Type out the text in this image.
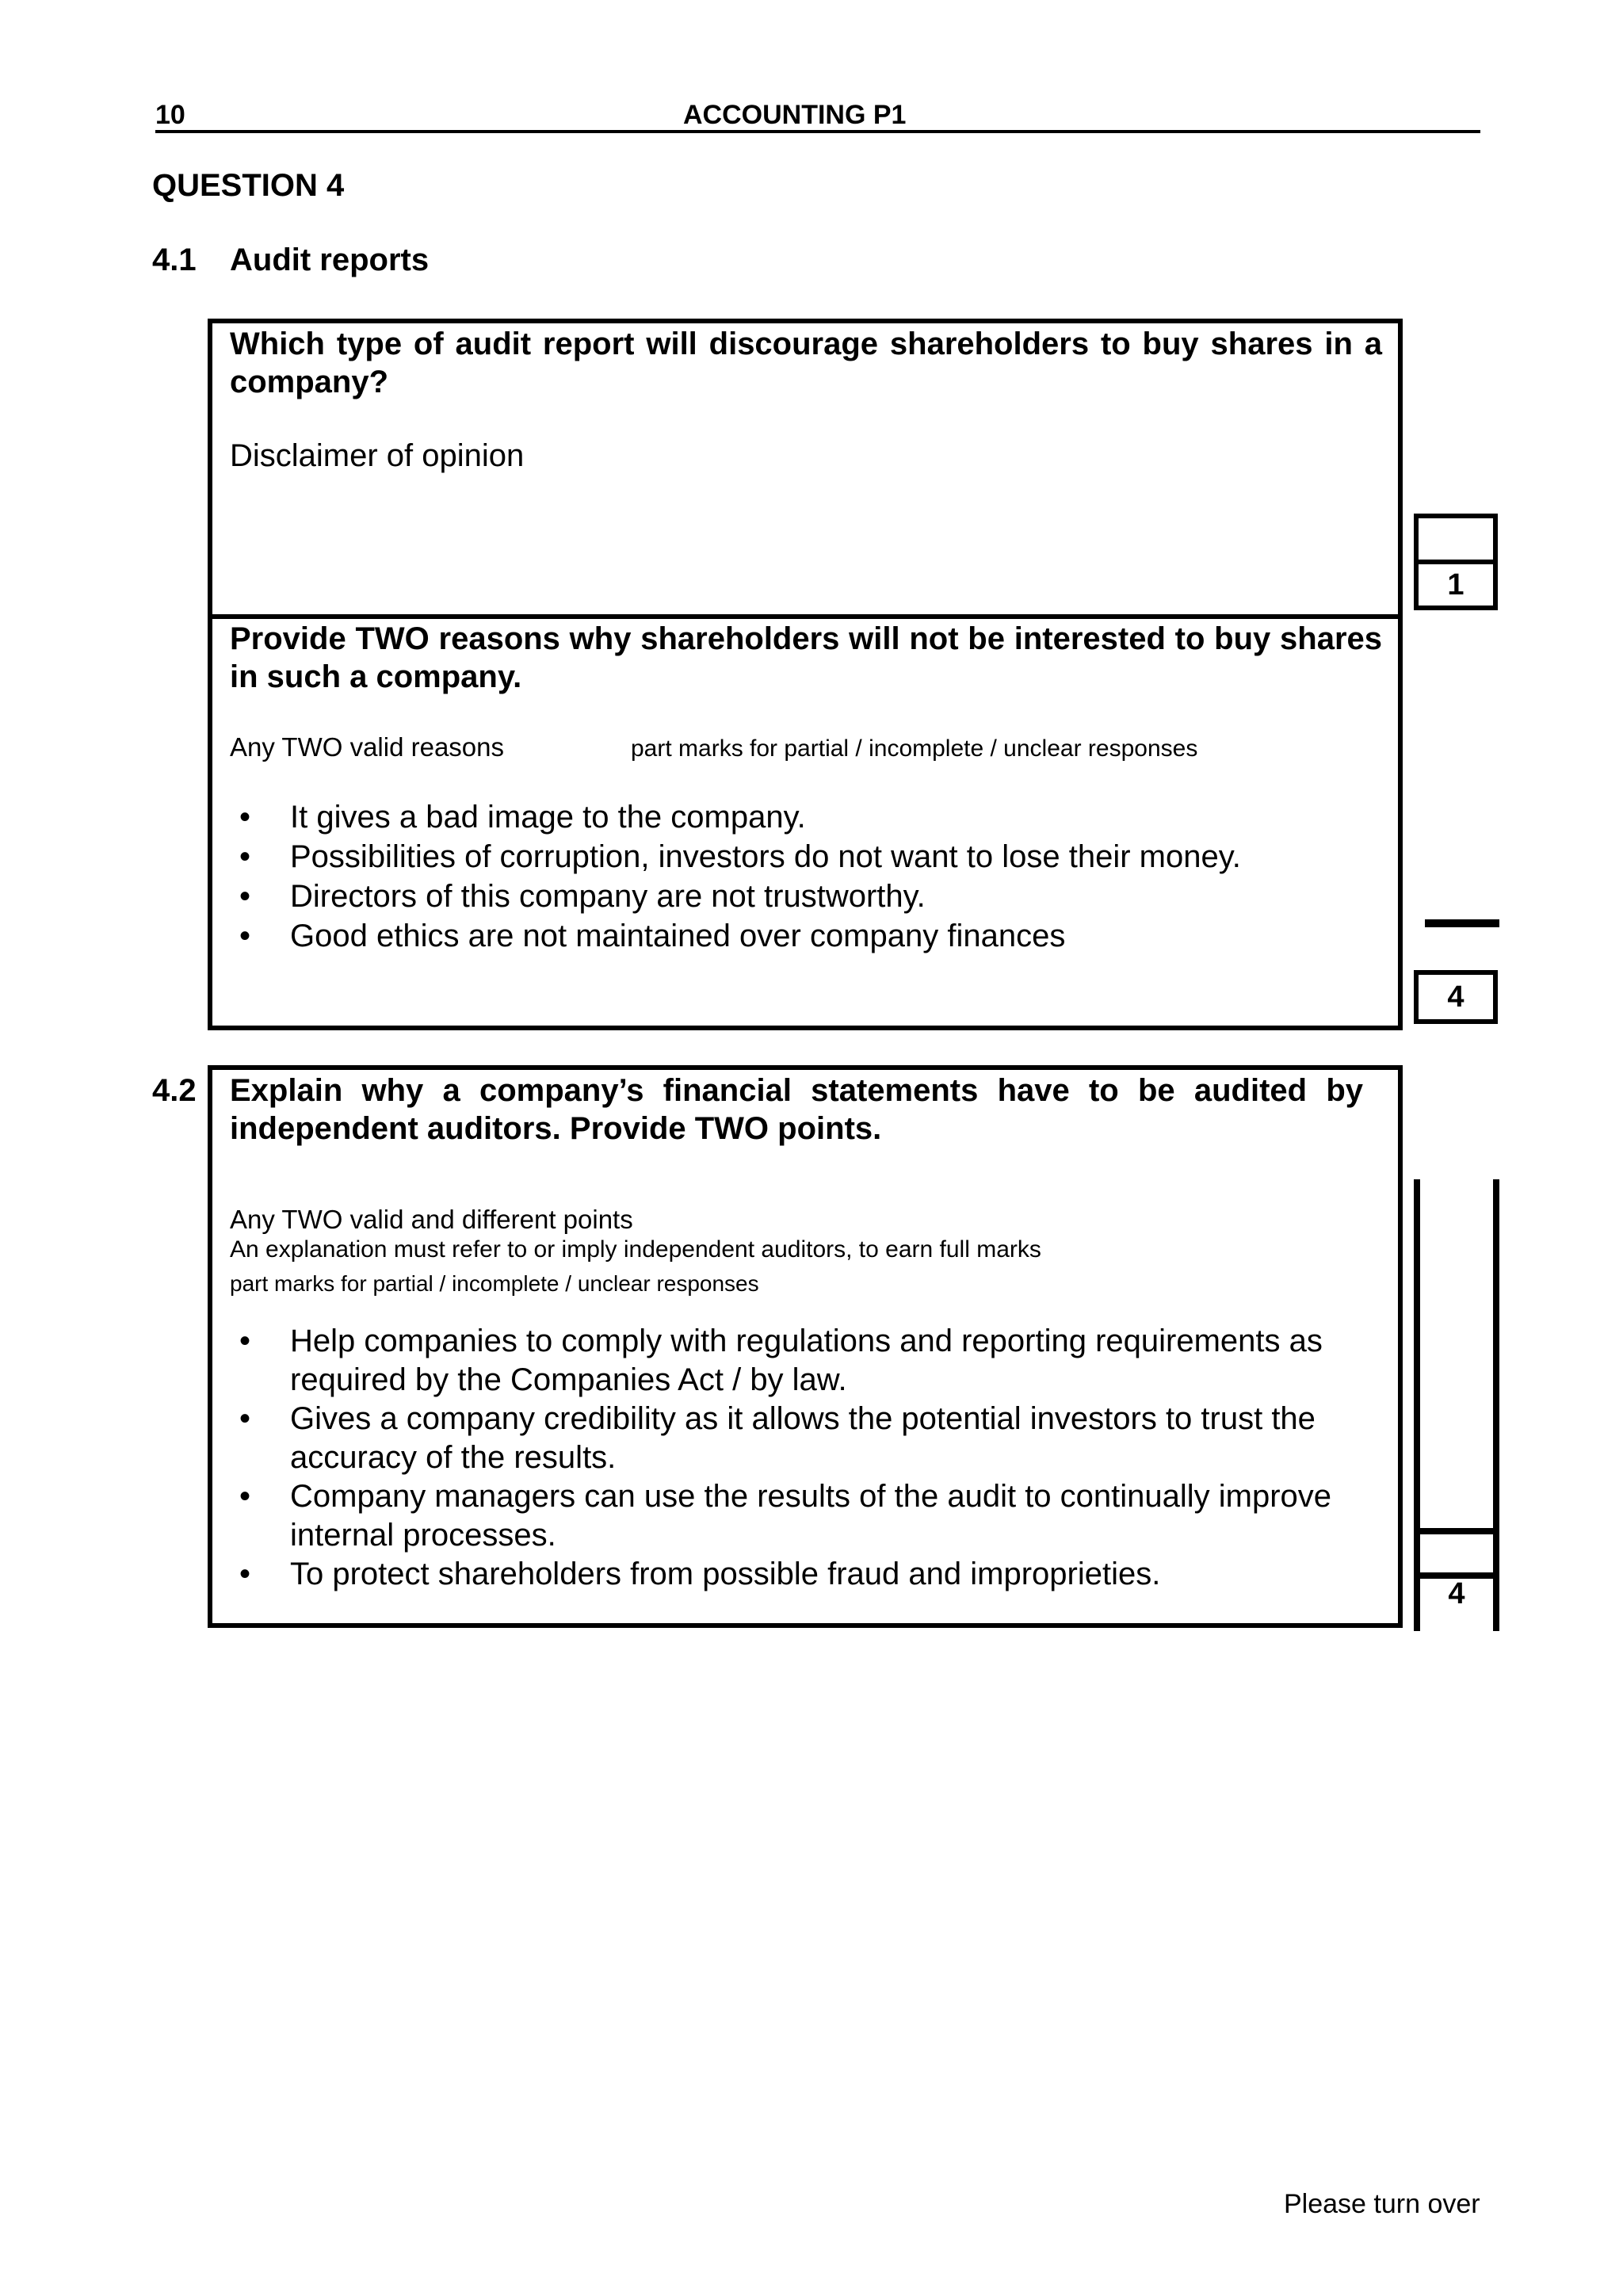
10	ACCOUNTING P1
QUESTION 4
4.1 Audit reports
Which type of audit report will discourage shareholders to buy shares in a company?
Disclaimer of opinion
Provide TWO reasons why shareholders will not be interested to buy shares in such a company.
Any TWO valid reasons	part marks for partial / incomplete / unclear responses
• It gives a bad image to the company.
• Possibilities of corruption, investors do not want to lose their money.
• Directors of this company are not trustworthy.
• Good ethics are not maintained over company finances
1
4
4.2 Explain why a company’s financial statements have to be audited by independent auditors. Provide TWO points.
Any TWO valid and different points
An explanation must refer to or imply independent auditors, to earn full marks
part marks for partial / incomplete / unclear responses
• Help companies to comply with regulations and reporting requirements as required by the Companies Act / by law.
• Gives a company credibility as it allows the potential investors to trust the accuracy of the results.
• Company managers can use the results of the audit to continually improve internal processes.
• To protect shareholders from possible fraud and improprieties.
4
Please turn over
